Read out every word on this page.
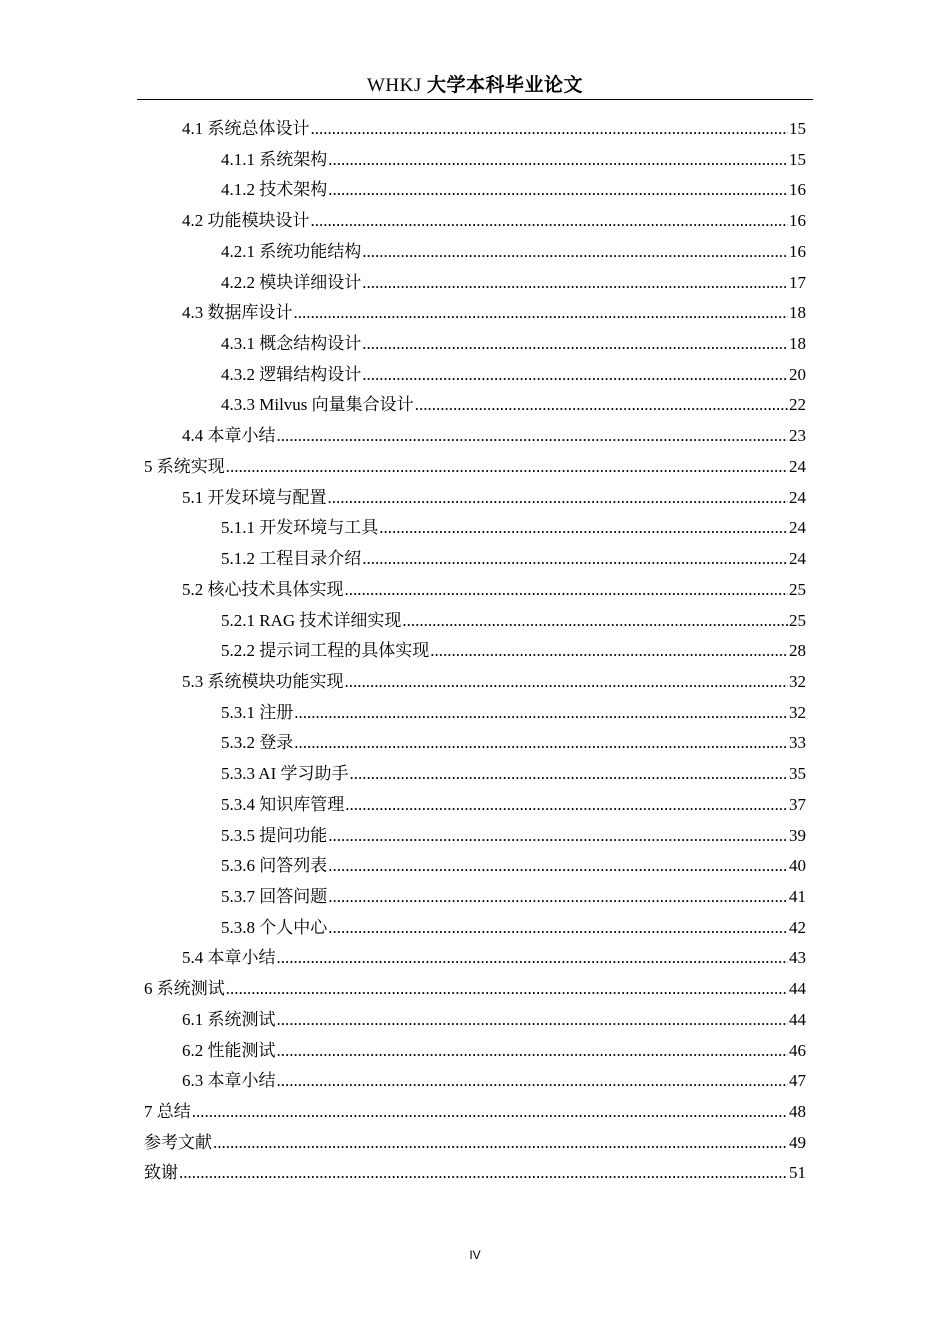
WHKJ 大学本科毕业论文
4.1 系统总体设计 .....	15
4.1.1 系统架构 .....	15
4.1.2 技术架构 .....	16
4.2 功能模块设计 .....	16
4.2.1 系统功能结构 .....	16
4.2.2 模块详细设计 .....	17
4.3 数据库设计 .....	18
4.3.1 概念结构设计 .....	18
4.3.2 逻辑结构设计 .....	20
4.3.3 Milvus 向量集合设计 .....	22
4.4 本章小结 .....	23
5 系统实现 .....	24
5.1 开发环境与配置 .....	24
5.1.1 开发环境与工具 .....	24
5.1.2 工程目录介绍 .....	24
5.2 核心技术具体实现 .....	25
5.2.1 RAG 技术详细实现 .....	25
5.2.2 提示词工程的具体实现 .....	28
5.3 系统模块功能实现 .....	32
5.3.1 注册 .....	32
5.3.2 登录 .....	33
5.3.3 AI 学习助手 .....	35
5.3.4 知识库管理 .....	37
5.3.5 提问功能 .....	39
5.3.6 问答列表 .....	40
5.3.7 回答问题 .....	41
5.3.8 个人中心 .....	42
5.4 本章小结 .....	43
6 系统测试 .....	44
6.1 系统测试 .....	44
6.2 性能测试 .....	46
6.3 本章小结 .....	47
7 总结 .....	48
参考文献 .....	49
致谢 .....	51
IV
